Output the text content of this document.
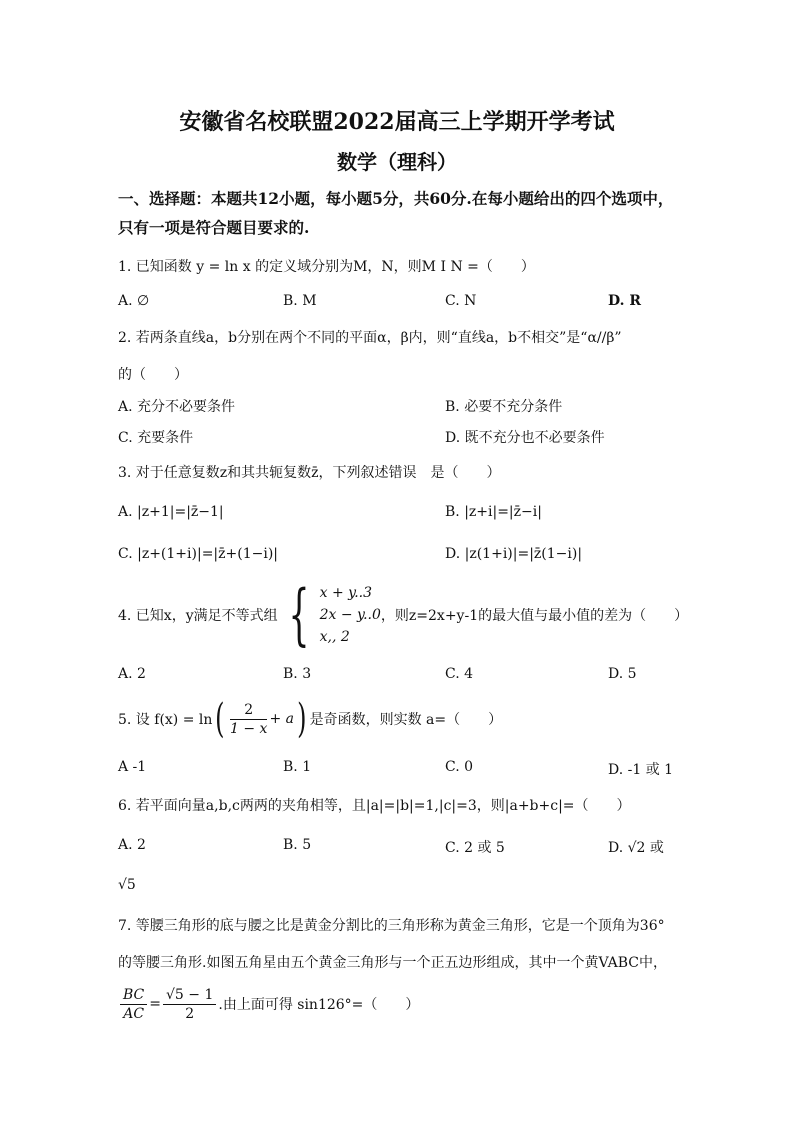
安徽省名校联盟2022届高三上学期开学考试
数学（理科）
一、选择题：本题共12小题，每小题5分，共60分.在每小题给出的四个选项中，
只有一项是符合题目要求的.
1. 已知函数 y = ln x 的定义域分别为M，N，则M I N =（　　）
A. ∅	B. M	C. N	D. R
2. 若两条直线a，b分别在两个不同的平面α，β内，则“直线a，b不相交”是“α//β”
的（　　）
A. 充分不必要条件	B. 必要不充分条件
C. 充要条件	D. 既不充分也不必要条件
3. 对于任意复数z和其共轭复数z̄，下列叙述错误　是（　　）
A. |z+1|=|z̄−1|	B. |z+i|=|z̄−i|
C. |z+(1+i)|=|z̄+(1−i)|	D. |z(1+i)|=|z̄(1−i)|
4. 已知x，y满足不等式组 { x + y..3
2x − y..0
x,, 2
，则z=2x+y-1的最大值与最小值的差为（　　）
A. 2	B. 3	C. 4	D. 5
5. 设 f(x) = ln ( $\frac{2}{1 - x} + a$ ) 是奇函数，则实数 a=（　　）
A -1	B. 1	C. 0	D. -1 或 1
6. 若平面向量a,b,c两两的夹角相等，且|a|=|b|=1,|c|=3，则|a+b+c|=（　　）
A. 2	B. 5	C. 2 或 5	D. √2 或
√5
7. 等腰三角形的底与腰之比是黄金分割比的三角形称为黄金三角形，它是一个顶角为36°
的等腰三角形.如图五角星由五个黄金三角形与一个正五边形组成，其中一个黄VABC中，
$\frac{BC}{AC} = \frac{√5 - 1}{2}$ .由上面可得 sin126°=（　　）
